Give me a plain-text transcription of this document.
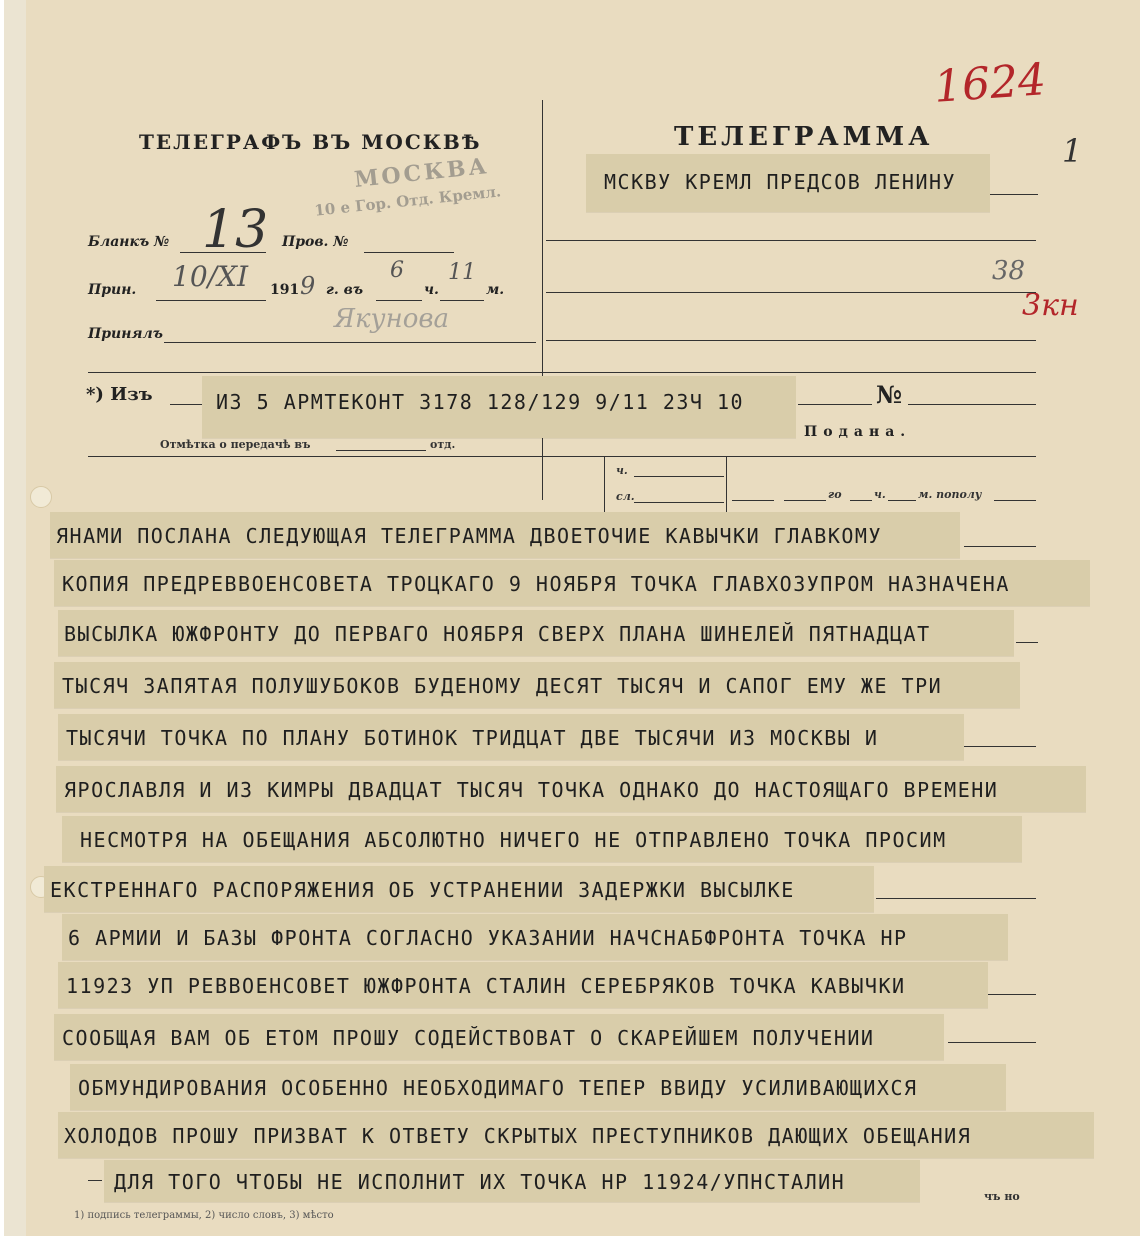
ТЕЛЕГРАФЪ ВЪ МОСКВѢ	ТЕЛЕГРАММА
1624
1
38
3кн
МОСКВА
10 е Гор. Отд. Кремл.
МСКВУ КРЕМЛ ПРЕДСОВ ЛЕНИНУ
Бланкъ № 13 Пров. №
Прин. 10/XI 191 9 г. въ
6
ч.
11
м.
Принялъ	Якунова
*) Изъ	ИЗ 5 АРМТЕКОНТ 3178 128/129 9/11 23Ч 10	№
Отмѣтка о передачѣ въ	отд.
Подана.
ч.
сл.	го	ч.	м. пополу
ЯНАМИ ПОСЛАНА СЛЕДУЮЩАЯ ТЕЛЕГРАММА ДВОЕТОЧИЕ КАВЫЧКИ ГЛАВКОМУ
КОПИЯ ПРЕДРЕВВОЕНСОВЕТА ТРОЦКАГО 9 НОЯБРЯ ТОЧКА ГЛАВХОЗУПРОМ НАЗНАЧЕНА
ВЫСЫЛКА ЮЖФРОНТУ ДО ПЕРВАГО НОЯБРЯ СВЕРХ ПЛАНА ШИНЕЛЕЙ ПЯТНАДЦАТ
ТЫСЯЧ ЗАПЯТАЯ ПОЛУШУБОКОВ БУДЕНОМУ ДЕСЯТ ТЫСЯЧ И САПОГ ЕМУ ЖЕ ТРИ
ТЫСЯЧИ ТОЧКА ПО ПЛАНУ БОТИНОК ТРИДЦАТ ДВЕ ТЫСЯЧИ ИЗ МОСКВЫ И
ЯРОСЛАВЛЯ И ИЗ КИМРЫ ДВАДЦАТ ТЫСЯЧ ТОЧКА ОДНАКО ДО НАСТОЯЩАГО ВРЕМЕНИ
НЕСМОТРЯ НА ОБЕЩАНИЯ АБСОЛЮТНО НИЧЕГО НЕ ОТПРАВЛЕНО ТОЧКА ПРОСИМ
ЕКСТРЕННАГО РАСПОРЯЖЕНИЯ ОБ УСТРАНЕНИИ ЗАДЕРЖКИ ВЫСЫЛКЕ
6 АРМИИ И БАЗЫ ФРОНТА СОГЛАСНО УКАЗАНИИ НАЧСНАБФРОНТА ТОЧКА НР
11923 УП РЕВВОЕНСОВЕТ ЮЖФРОНТА СТАЛИН СЕРЕБРЯКОВ ТОЧКА КАВЫЧКИ
СООБЩАЯ ВАМ ОБ ЕТОМ ПРОШУ СОДЕЙСТВОВАТ О СКАРЕЙШЕМ ПОЛУЧЕНИИ
ОБМУНДИРОВАНИЯ ОСОБЕННО НЕОБХОДИМАГО ТЕПЕР ВВИДУ УСИЛИВАЮЩИХСЯ
ХОЛОДОВ ПРОШУ ПРИЗВАТ К ОТВЕТУ СКРЫТЫХ ПРЕСТУПНИКОВ ДАЮЩИХ ОБЕЩАНИЯ
ДЛЯ ТОГО ЧТОБЫ НЕ ИСПОЛНИТ ИХ ТОЧКА НР 11924/УПНСТАЛИН
1) подпись телеграммы, 2) число словъ, 3) мѣсто
чъ но
